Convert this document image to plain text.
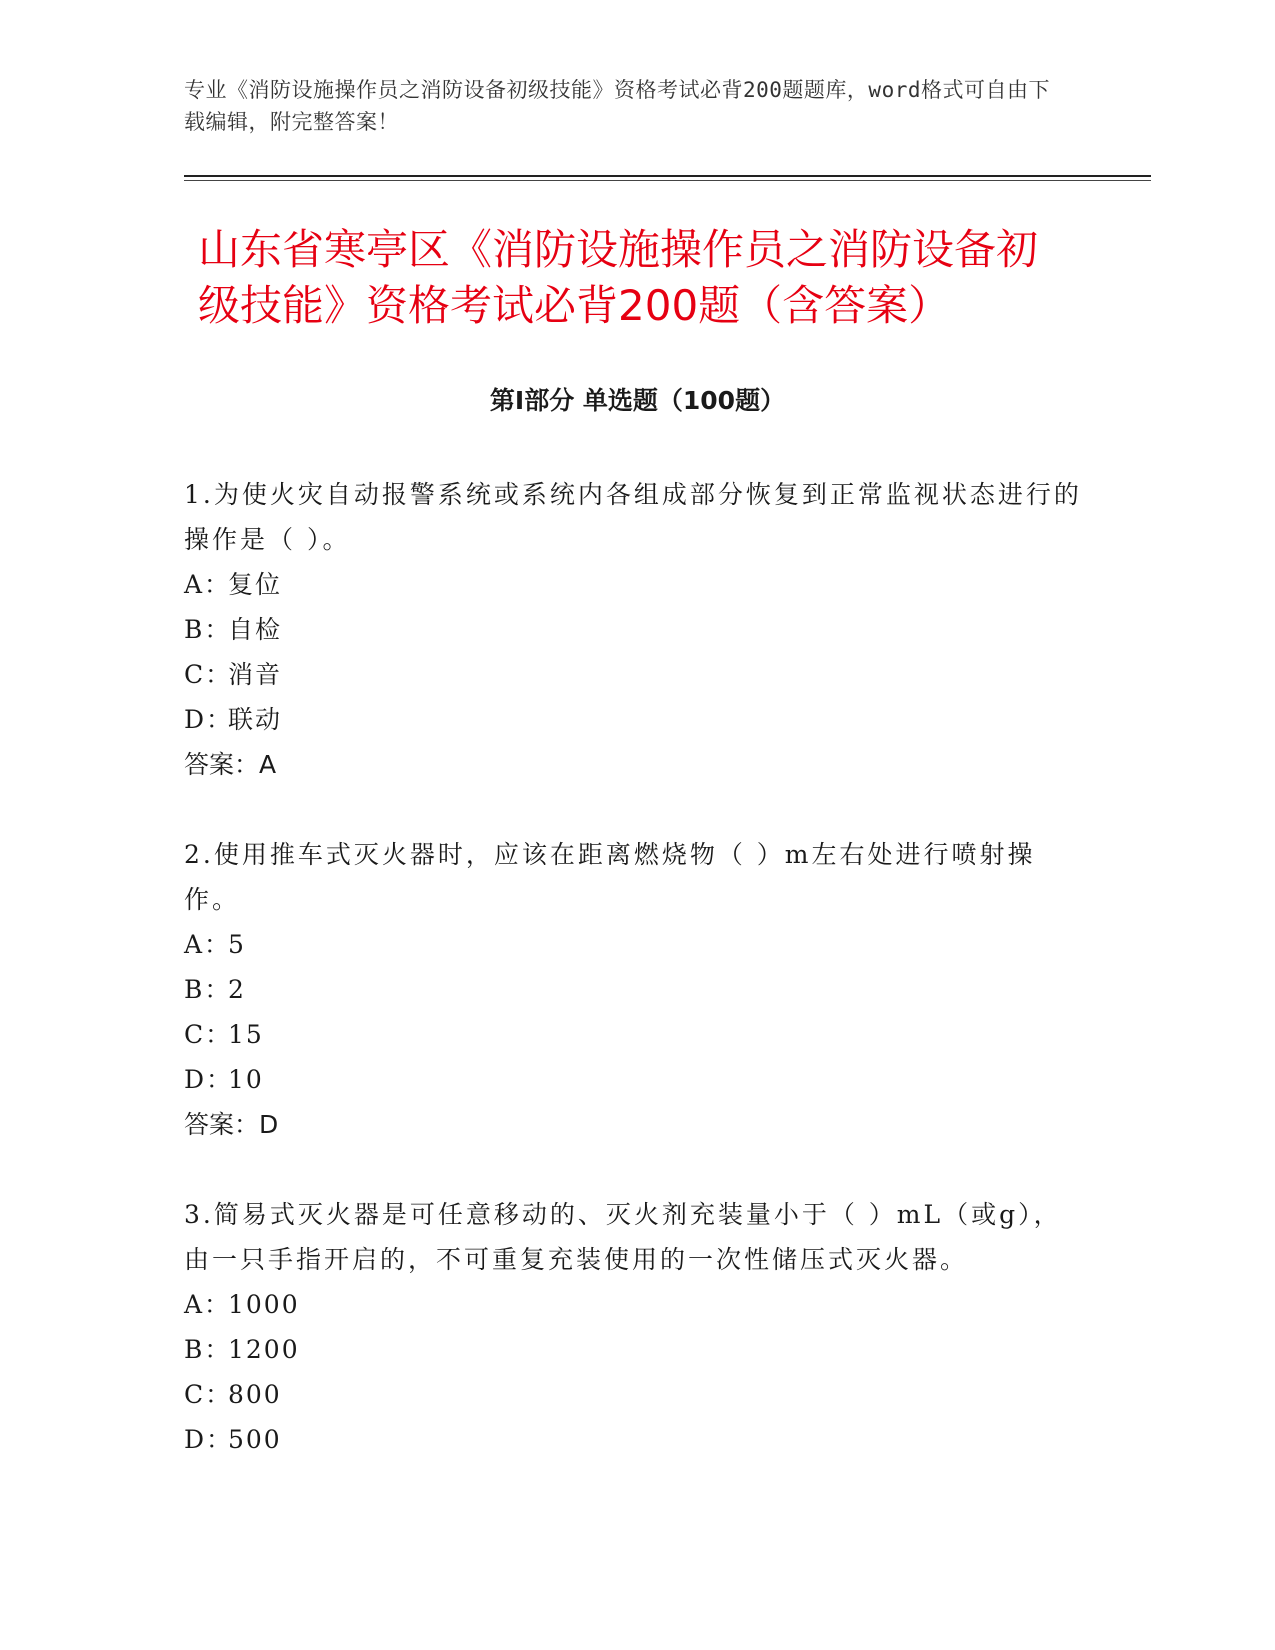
专业《消防设施操作员之消防设备初级技能》资格考试必背200题题库，word格式可自由下载编辑，附完整答案！
山东省寒亭区《消防设施操作员之消防设备初级技能》资格考试必背200题（含答案）
第Ⅰ部分 单选题（100题）

1.为使火灾自动报警系统或系统内各组成部分恢复到正常监视状态进行的操作是（ ）。

A：复位

B：自检

C：消音

D：联动

答案：A

2.使用推车式灭火器时，应该在距离燃烧物（ ）m左右处进行喷射操作。

A：5

B：2

C：15

D：10

答案：D

3.简易式灭火器是可任意移动的、灭火剂充装量小于（ ）mL（或g），由一只手指开启的，不可重复充装使用的一次性储压式灭火器。

A：1000

B：1200

C：800

D：500
